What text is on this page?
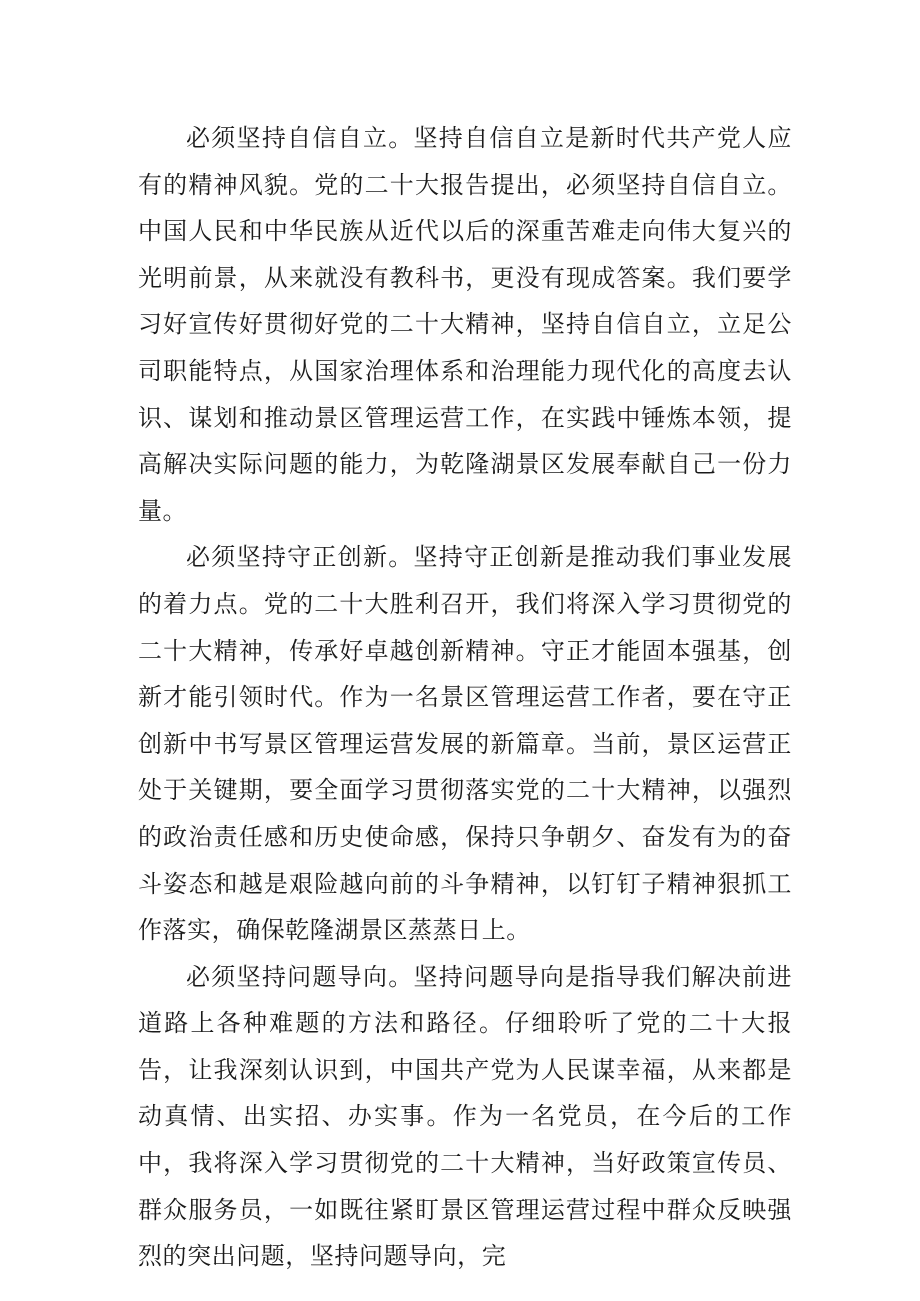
必须坚持自信自立。坚持自信自立是新时代共产党人应有的精神风貌。党的二十大报告提出，必须坚持自信自立。中国人民和中华民族从近代以后的深重苦难走向伟大复兴的光明前景，从来就没有教科书，更没有现成答案。我们要学习好宣传好贯彻好党的二十大精神，坚持自信自立，立足公司职能特点，从国家治理体系和治理能力现代化的高度去认识、谋划和推动景区管理运营工作，在实践中锤炼本领，提高解决实际问题的能力，为乾隆湖景区发展奉献自己一份力量。

必须坚持守正创新。坚持守正创新是推动我们事业发展的着力点。党的二十大胜利召开，我们将深入学习贯彻党的二十大精神，传承好卓越创新精神。守正才能固本强基，创新才能引领时代。作为一名景区管理运营工作者，要在守正创新中书写景区管理运营发展的新篇章。当前，景区运营正处于关键期，要全面学习贯彻落实党的二十大精神，以强烈的政治责任感和历史使命感，保持只争朝夕、奋发有为的奋斗姿态和越是艰险越向前的斗争精神，以钉钉子精神狠抓工作落实，确保乾隆湖景区蒸蒸日上。

必须坚持问题导向。坚持问题导向是指导我们解决前进道路上各种难题的方法和路径。仔细聆听了党的二十大报告，让我深刻认识到，中国共产党为人民谋幸福，从来都是动真情、出实招、办实事。作为一名党员，在今后的工作中，我将深入学习贯彻党的二十大精神，当好政策宣传员、群众服务员，一如既往紧盯景区管理运营过程中群众反映强烈的突出问题，坚持问题导向，完
